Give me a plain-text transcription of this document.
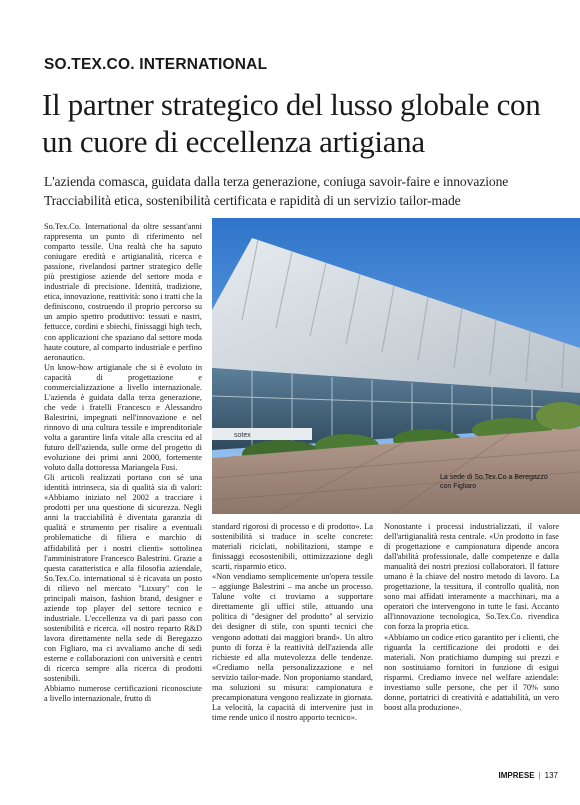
SO.TEX.CO. INTERNATIONAL
Il partner strategico del lusso globale con un cuore di eccellenza artigiana
L'azienda comasca, guidata dalla terza generazione, coniuga savoir-faire e innovazione
Tracciabilità etica, sostenibilità certificata e rapidità di un servizio tailor-made
sotex
La sede di So.Tex.Co a Beregazzo con Figliaro

So.Tex.Co. International da oltre sessant'anni rappresenta un punto di riferimento nel comparto tessile. Una realtà che ha saputo coniugare eredità e artigianalità, ricerca e passione, rivelandosi partner strategico delle più prestigiose aziende del settore moda e industriale di precisione. Identità, tradizione, etica, innovazione, reattività: sono i tratti che la definiscono, costruendo il proprio percorso su un ampio spettro produttivo: tessuti e nastri, fettucce, cordini e sbiechi, finissaggi high tech, con applicazioni che spaziano dal settore moda haute couture, al comparto industriale e perfino aeronautico.

Un know-how artigianale che si è evoluto in capacità di progettazione e commercializzazione a livello internazionale. L'azienda è guidata dalla terza generazione, che vede i fratelli Francesco e Alessandro Balestrini, impegnati nell'innovazione e nel rinnovo di una cultura tessile e imprenditoriale volta a garantire linfa vitale alla crescita ed al futuro dell'azienda, sulle orme del progetto di evoluzione dei primi anni 2000, fortemente voluto dalla dottoressa Mariangela Fusi.

Gli articoli realizzati portano con sé una identità intrinseca, sia di qualità sia di valori: «Abbiamo iniziato nel 2002 a tracciare i prodotti per una questione di sicurezza. Negli anni la tracciabilità è diventata garanzia di qualità e strumento per risalire a eventuali problematiche di filiera e marchio di affidabilità per i nostri clienti» sottolinea l'amministratore Francesco Balestrini. Grazie a questa caratteristica e alla filosofia aziendale, So.Tex.Co. international si è ricavata un posto di rilievo nel mercato "Luxury" con le principali maison, fashion brand, designer e aziende top player del settore tecnico e industriale. L'eccellenza va di pari passo con sostenibilità e ricerca. «Il nostro reparto R&D lavora direttamente nella sede di Beregazzo con Figliaro, ma ci avvaliamo anche di sedi esterne e collaborazioni con università e centri di ricerca sempre alla ricerca di prodotti sostenibili.

Abbiamo numerose certificazioni riconosciute a livello internazionale, frutto di

standard rigorosi di processo e di prodotto». La sostenibilità si traduce in scelte concrete: materiali riciclati, nobilitazioni, stampe e finissaggi ecosostenibili, ottimizzazione degli scarti, risparmio etico.

«Non vendiamo semplicemente un'opera tessile – aggiunge Balestrini – ma anche un processo. Talune volte ci troviamo a supportare direttamente gli uffici stile, attuando una politica di "designer del prodotto" al servizio dei designer di stile, con spunti tecnici che vengono adottati dai maggiori brand». Un altro punto di forza è la reattività dell'azienda alle richieste ed alla mutevolezza delle tendenze. «Crediamo nella personalizzazione e nel servizio tailor-made. Non proponiamo standard, ma soluzioni su misura: campionatura e precampionatura vengono realizzate in giornata. La velocità, la capacità di intervenire just in time rende unico il nostro apporto tecnico».

Nonostante i processi industrializzati, il valore dell'artigianalità resta centrale. «Un prodotto in fase di progettazione e campionatura dipende ancora dall'abilità professionale, dalle competenze e dalla manualità dei nostri preziosi collaboratori. Il fattore umano è la chiave del nostro metodo di lavoro. La progettazione, la tessitura, il controllo qualità, non sono mai affidati interamente a macchinari, ma a operatori che intervengono in tutte le fasi. Accanto all'innovazione tecnologica, So.Tex.Co. rivendica con forza la propria etica.

«Abbiamo un codice etico garantito per i clienti, che riguarda la certificazione dei prodotti e dei materiali. Non pratichiamo dumping sui prezzi e non sostituiamo fornitori in funzione di esigui risparmi. Crediamo invece nel welfare aziendale: investiamo sulle persone, che per il 70% sono donne, portatrici di creatività e adattabilità, un vero boost alla produzione».

IMPRESE | 137
